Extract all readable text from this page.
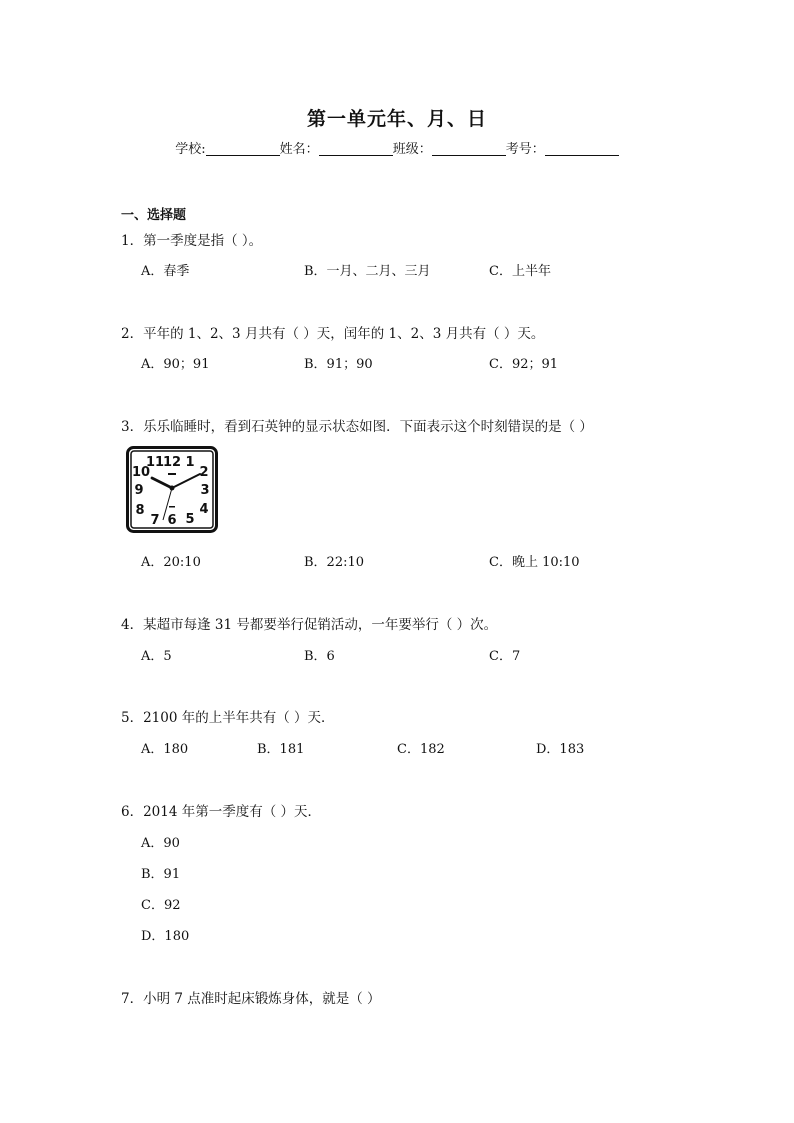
第一单元年、月、日
学校:	姓名：	班级：	考号：
一、选择题
1．第一季度是指（ ）。
A．春季	B．一月、二月、三月	C．上半年
2．平年的 1、2、3 月共有（ ）天，闰年的 1、2、3 月共有（ ）天。
A．90；91	B．91；90	C．92；91
3．乐乐临睡时，看到石英钟的显示状态如图．下面表示这个时刻错误的是（ ）
12 1
2
3
4
5
6
7
8
9
10
11
A．20:10	B．22:10	C．晚上 10:10
4．某超市每逢 31 号都要举行促销活动，一年要举行（ ）次。
A．5	B．6	C．7
5．2100 年的上半年共有（ ）天．
A．180	B．181	C．182	D．183
6．2014 年第一季度有（ ）天．
A．90
B．91
C．92
D．180
7．小明 7 点准时起床锻炼身体，就是（ ）
